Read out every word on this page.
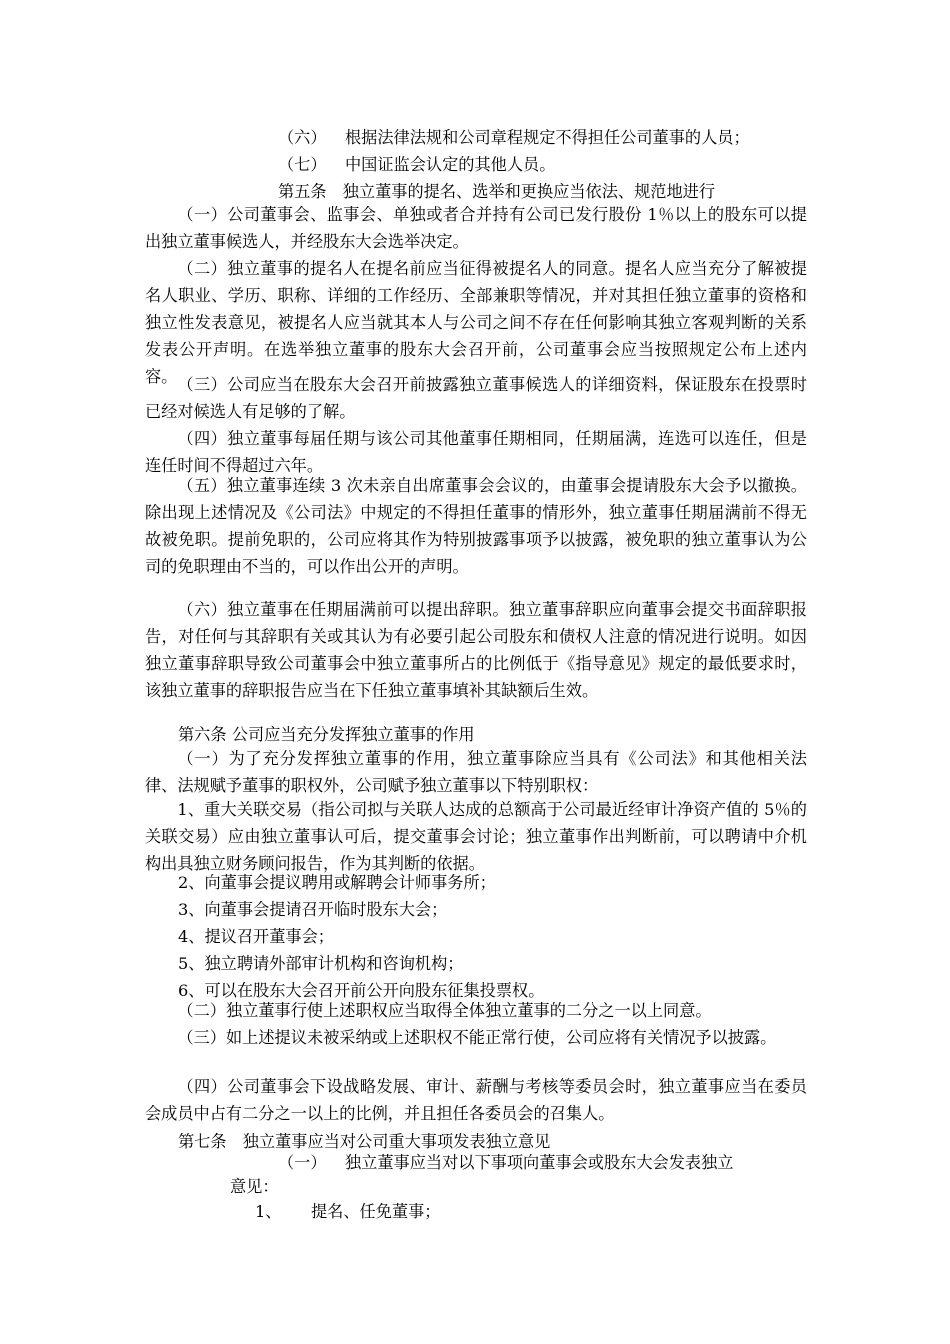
（六） 根据法律法规和公司章程规定不得担任公司董事的人员；
（七） 中国证监会认定的其他人员。
第五条　独立董事的提名、选举和更换应当依法、规范地进行

（一）公司董事会、监事会、单独或者合并持有公司已发行股份 1％以上的股东可以提出独立董事候选人，并经股东大会选举决定。

（二）独立董事的提名人在提名前应当征得被提名人的同意。提名人应当充分了解被提名人职业、学历、职称、详细的工作经历、全部兼职等情况，并对其担任独立董事的资格和独立性发表意见，被提名人应当就其本人与公司之间不存在任何影响其独立客观判断的关系发表公开声明。在选举独立董事的股东大会召开前，公司董事会应当按照规定公布上述内容。 （三）公司应当在股东大会召开前披露独立董事候选人的详细资料，保证股东在投票时已经对候选人有足够的了解。

（四）独立董事每届任期与该公司其他董事任期相同，任期届满，连选可以连任，但是连任时间不得超过六年。

（五）独立董事连续 3 次未亲自出席董事会会议的，由董事会提请股东大会予以撤换。除出现上述情况及《公司法》中规定的不得担任董事的情形外，独立董事任期届满前不得无故被免职。提前免职的，公司应将其作为特别披露事项予以披露，被免职的独立董事认为公司的免职理由不当的，可以作出公开的声明。

（六）独立董事在任期届满前可以提出辞职。独立董事辞职应向董事会提交书面辞职报告，对任何与其辞职有关或其认为有必要引起公司股东和债权人注意的情况进行说明。如因独立董事辞职导致公司董事会中独立董事所占的比例低于《指导意见》规定的最低要求时，该独立董事的辞职报告应当在下任独立董事填补其缺额后生效。

第六条 公司应当充分发挥独立董事的作用

（一）为了充分发挥独立董事的作用，独立董事除应当具有《公司法》和其他相关法律、法规赋予董事的职权外，公司赋予独立董事以下特别职权：

1、重大关联交易（指公司拟与关联人达成的总额高于公司最近经审计净资产值的 5％的关联交易）应由独立董事认可后，提交董事会讨论；独立董事作出判断前，可以聘请中介机构出具独立财务顾问报告，作为其判断的依据。

2、向董事会提议聘用或解聘会计师事务所；
3、向董事会提请召开临时股东大会；
4、提议召开董事会；
5、独立聘请外部审计机构和咨询机构；
6、可以在股东大会召开前公开向股东征集投票权。

（二）独立董事行使上述职权应当取得全体独立董事的二分之一以上同意。

（三）如上述提议未被采纳或上述职权不能正常行使，公司应将有关情况予以披露。

（四）公司董事会下设战略发展、审计、薪酬与考核等委员会时，独立董事应当在委员会成员中占有二分之一以上的比例，并且担任各委员会的召集人。

第七条　独立董事应当对公司重大事项发表独立意见
（一） 独立董事应当对以下事项向董事会或股东大会发表独立
意见：
1、 提名、任免董事；
